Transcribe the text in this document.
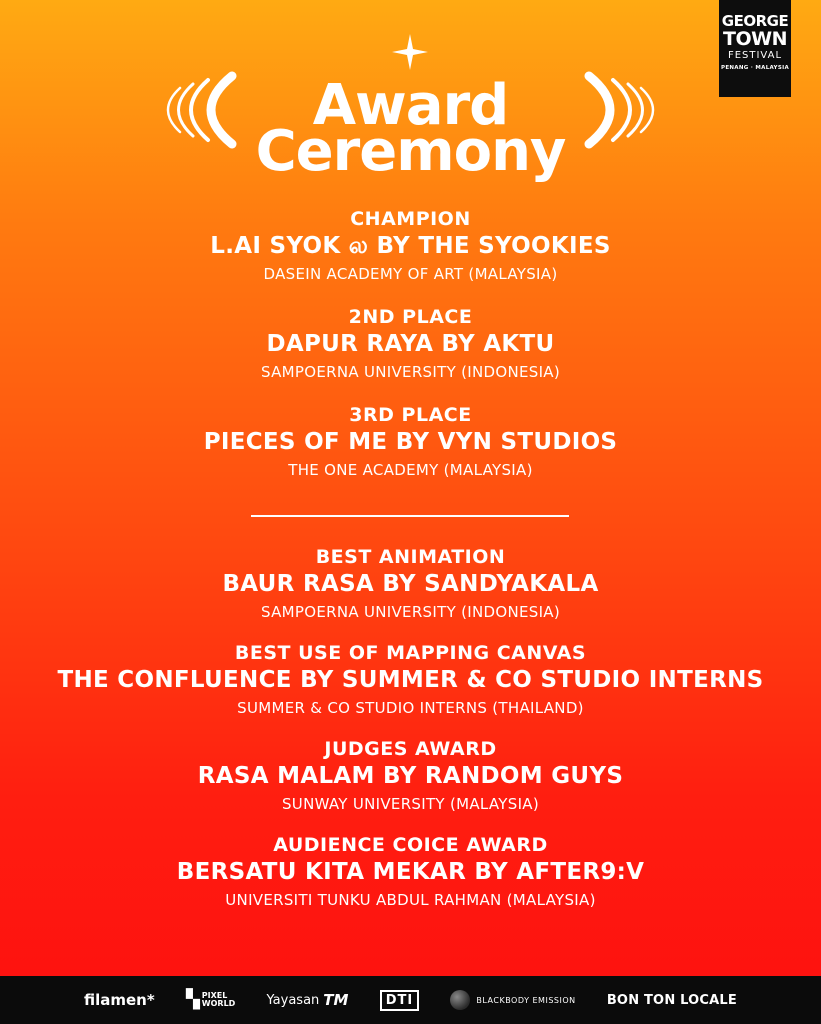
GEORGE
TOWN
FESTIVAL
PENANG · MALAYSIA
Award
Ceremony
CHAMPION
L.AI SYOK ல BY THE SYOOKIES
DASEIN ACADEMY OF ART (MALAYSIA)
2ND PLACE
DAPUR RAYA BY AKTU
SAMPOERNA UNIVERSITY (INDONESIA)
3RD PLACE
PIECES OF ME BY VYN STUDIOS
THE ONE ACADEMY (MALAYSIA)
BEST ANIMATION
BAUR RASA BY SANDYAKALA
SAMPOERNA UNIVERSITY (INDONESIA)
BEST USE OF MAPPING CANVAS
THE CONFLUENCE BY SUMMER & CO STUDIO INTERNS
SUMMER & CO STUDIO INTERNS (THAILAND)
JUDGES AWARD
RASA MALAM BY RANDOM GUYS
SUNWAY UNIVERSITY (MALAYSIA)
AUDIENCE COICE AWARD
BERSATU KITA MEKAR BY AFTER9:V
UNIVERSITI TUNKU ABDUL RAHMAN (MALAYSIA)
filamen* ▚ PIXEL
WORLD Yayasan TM	DTI	BLACKBODY EMISSION BON TON LOCALE
